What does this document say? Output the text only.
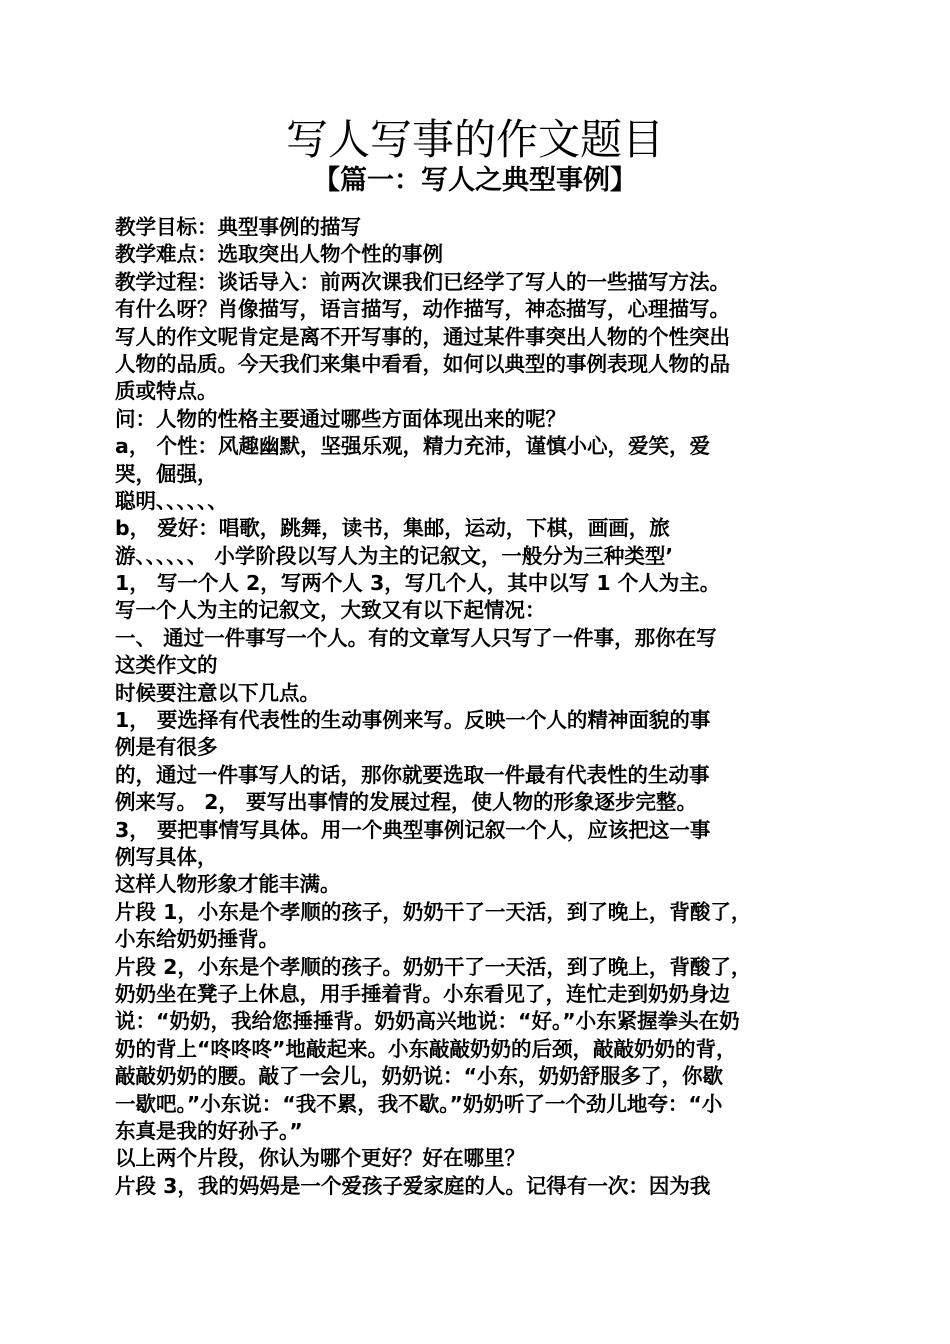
写人写事的作文题目
【篇一：写人之典型事例】
教学目标：典型事例的描写
教学难点：选取突出人物个性的事例
教学过程：谈话导入：前两次课我们已经学了写人的一些描写方法。
有什么呀？肖像描写，语言描写，动作描写，神态描写，心理描写。
写人的作文呢肯定是离不开写事的，通过某件事突出人物的个性突出
人物的品质。今天我们来集中看看，如何以典型的事例表现人物的品
质或特点。
问：人物的性格主要通过哪些方面体现出来的呢？
a， 个性：风趣幽默，坚强乐观，精力充沛，谨慎小心，爱笑，爱
哭，倔强，
聪明、、、、、、
b， 爱好：唱歌，跳舞，读书，集邮，运动，下棋，画画，旅
游、、、、、、 小学阶段以写人为主的记叙文，一般分为三种类型’
1， 写一个人 2，写两个人 3，写几个人，其中以写 1 个人为主。
写一个人为主的记叙文，大致又有以下起情况：
一、 通过一件事写一个人。有的文章写人只写了一件事，那你在写
这类作文的
时候要注意以下几点。
1， 要选择有代表性的生动事例来写。反映一个人的精神面貌的事
例是有很多
的，通过一件事写人的话，那你就要选取一件最有代表性的生动事
例来写。 2， 要写出事情的发展过程，使人物的形象逐步完整。
3， 要把事情写具体。用一个典型事例记叙一个人，应该把这一事
例写具体，
这样人物形象才能丰满。
片段 1，小东是个孝顺的孩子，奶奶干了一天活，到了晚上，背酸了，
小东给奶奶捶背。
片段 2，小东是个孝顺的孩子。奶奶干了一天活，到了晚上，背酸了，
奶奶坐在凳子上休息，用手捶着背。小东看见了，连忙走到奶奶身边
说：“奶奶，我给您捶捶背。奶奶高兴地说：“好。”小东紧握拳头在奶
奶的背上“咚咚咚”地敲起来。小东敲敲奶奶的后颈，敲敲奶奶的背，
敲敲奶奶的腰。敲了一会儿，奶奶说：“小东，奶奶舒服多了，你歇
一歇吧。”小东说：“我不累，我不歇。”奶奶听了一个劲儿地夸：“小
东真是我的好孙子。”
以上两个片段，你认为哪个更好？好在哪里？
片段 3，我的妈妈是一个爱孩子爱家庭的人。记得有一次：因为我
